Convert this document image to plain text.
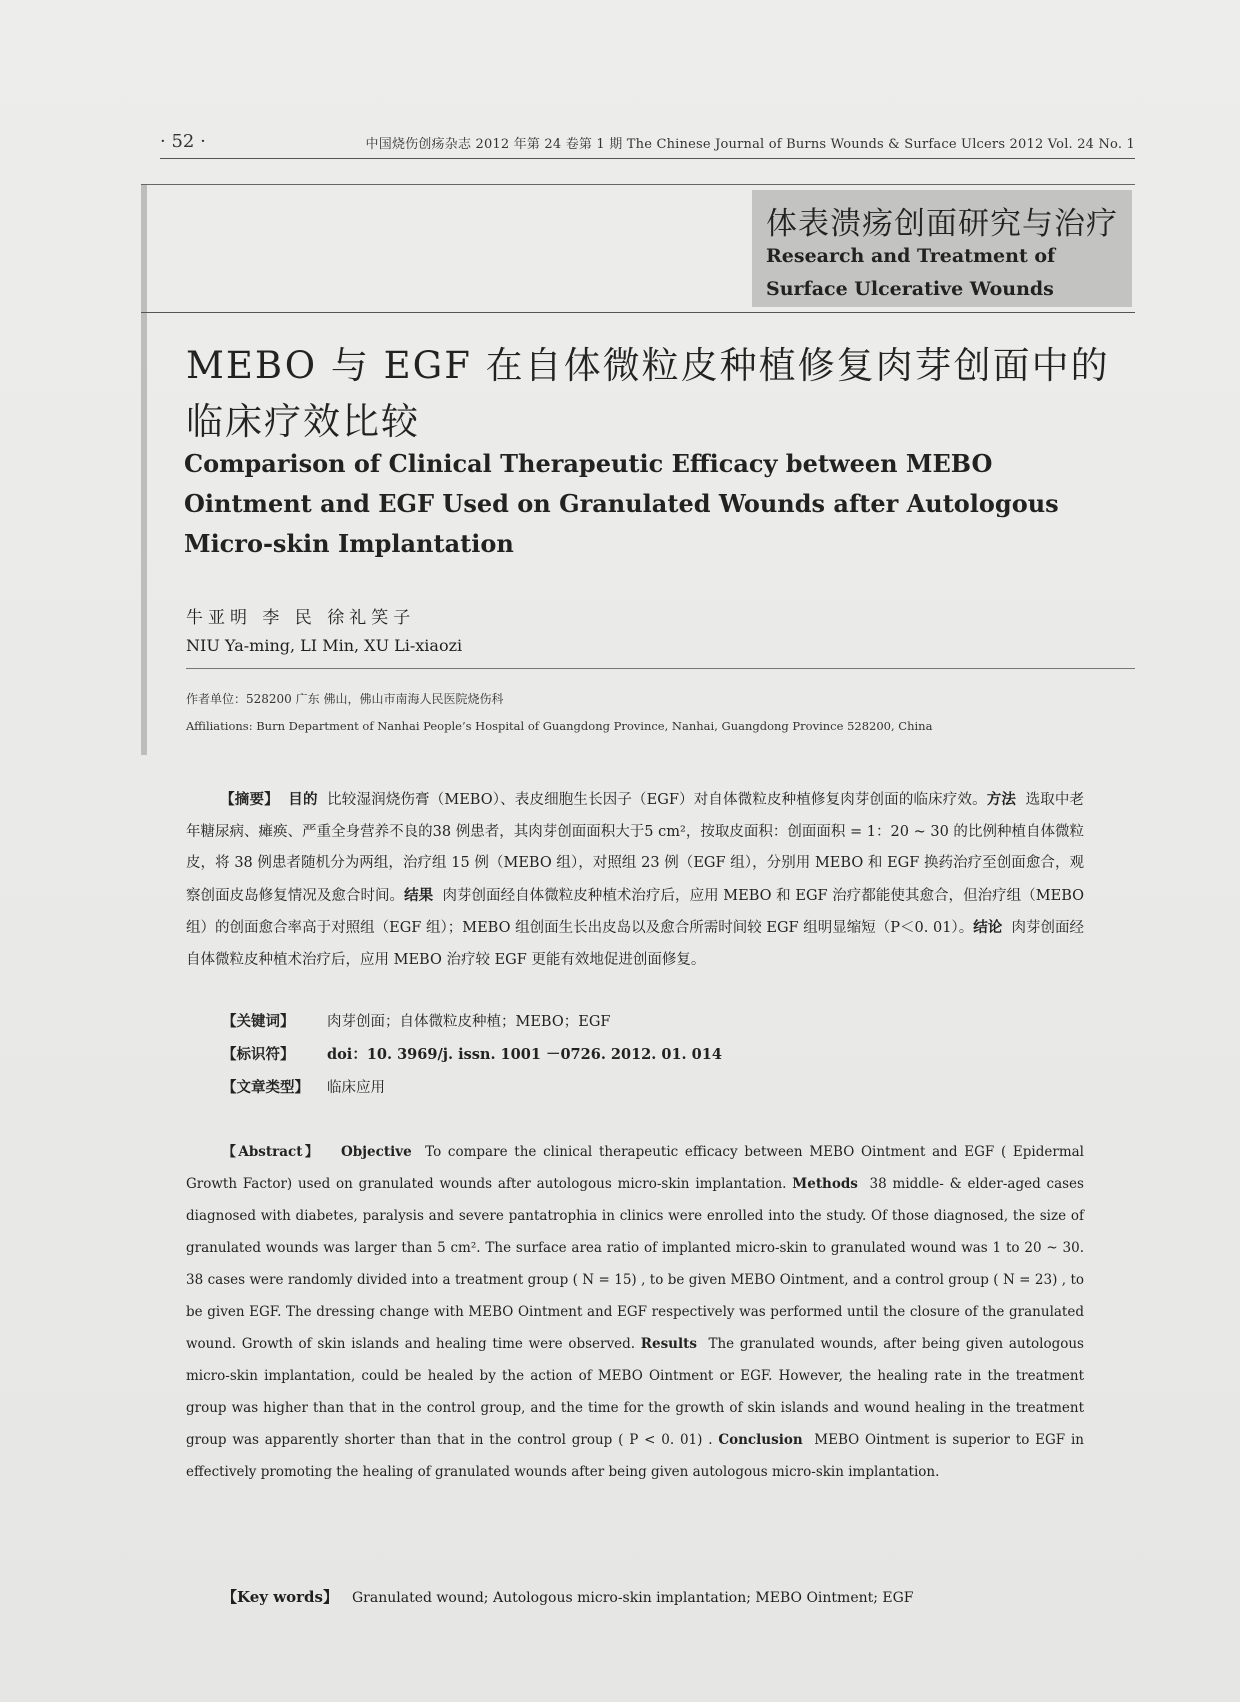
· 52 ·	中国烧伤创疡杂志 2012 年第 24 卷第 1 期 The Chinese Journal of Burns Wounds & Surface Ulcers 2012 Vol. 24 No. 1
体表溃疡创面研究与治疗
Research and Treatment of Surface Ulcerative Wounds
MEBO 与 EGF 在自体微粒皮种植修复肉芽创面中的临床疗效比较
Comparison of Clinical Therapeutic Efficacy between MEBO Ointment and EGF Used on Granulated Wounds after Autologous Micro-skin Implantation
牛亚明 李 民 徐礼笑子
NIU Ya-ming, LI Min, XU Li-xiaozi
作者单位：528200 广东 佛山，佛山市南海人民医院烧伤科
Affiliations: Burn Department of Nanhai People’s Hospital of Guangdong Province, Nanhai, Guangdong Province 528200, China
【摘要】 目的 比较湿润烧伤膏（MEBO）、表皮细胞生长因子（EGF）对自体微粒皮种植修复肉芽创面的临床疗效。方法 选取中老年糖尿病、瘫痪、严重全身营养不良的38 例患者，其肉芽创面面积大于5 cm²，按取皮面积：创面面积 = 1：20 ~ 30 的比例种植自体微粒皮，将 38 例患者随机分为两组，治疗组 15 例（MEBO 组），对照组 23 例（EGF 组），分别用 MEBO 和 EGF 换药治疗至创面愈合，观察创面皮岛修复情况及愈合时间。结果 肉芽创面经自体微粒皮种植术治疗后，应用 MEBO 和 EGF 治疗都能使其愈合，但治疗组（MEBO 组）的创面愈合率高于对照组（EGF 组）；MEBO 组创面生长出皮岛以及愈合所需时间较 EGF 组明显缩短（P＜0. 01）。结论 肉芽创面经自体微粒皮种植术治疗后，应用 MEBO 治疗较 EGF 更能有效地促进创面修复。
【关键词】 肉芽创面；自体微粒皮种植；MEBO；EGF
【标识符】 doi：10. 3969/j. issn. 1001 －0726. 2012. 01. 014
【文章类型】 临床应用
【Abstract】 Objective To compare the clinical therapeutic efficacy between MEBO Ointment and EGF ( Epidermal Growth Factor) used on granulated wounds after autologous micro-skin implantation. Methods 38 middle- & elder-aged cases diagnosed with diabetes, paralysis and severe pantatrophia in clinics were enrolled into the study. Of those diagnosed, the size of granulated wounds was larger than 5 cm². The surface area ratio of implanted micro-skin to granulated wound was 1 to 20 ~ 30. 38 cases were randomly divided into a treatment group ( N = 15) , to be given MEBO Ointment, and a control group ( N = 23) , to be given EGF. The dressing change with MEBO Ointment and EGF respectively was performed until the closure of the granulated wound. Growth of skin islands and healing time were observed. Results The granulated wounds, after being given autologous micro-skin implantation, could be healed by the action of MEBO Ointment or EGF. However, the healing rate in the treatment group was higher than that in the control group, and the time for the growth of skin islands and wound healing in the treatment group was apparently shorter than that in the control group ( P < 0. 01) . Conclusion MEBO Ointment is superior to EGF in effectively promoting the healing of granulated wounds after being given autologous micro-skin implantation.
【Key words】 Granulated wound; Autologous micro-skin implantation; MEBO Ointment; EGF
